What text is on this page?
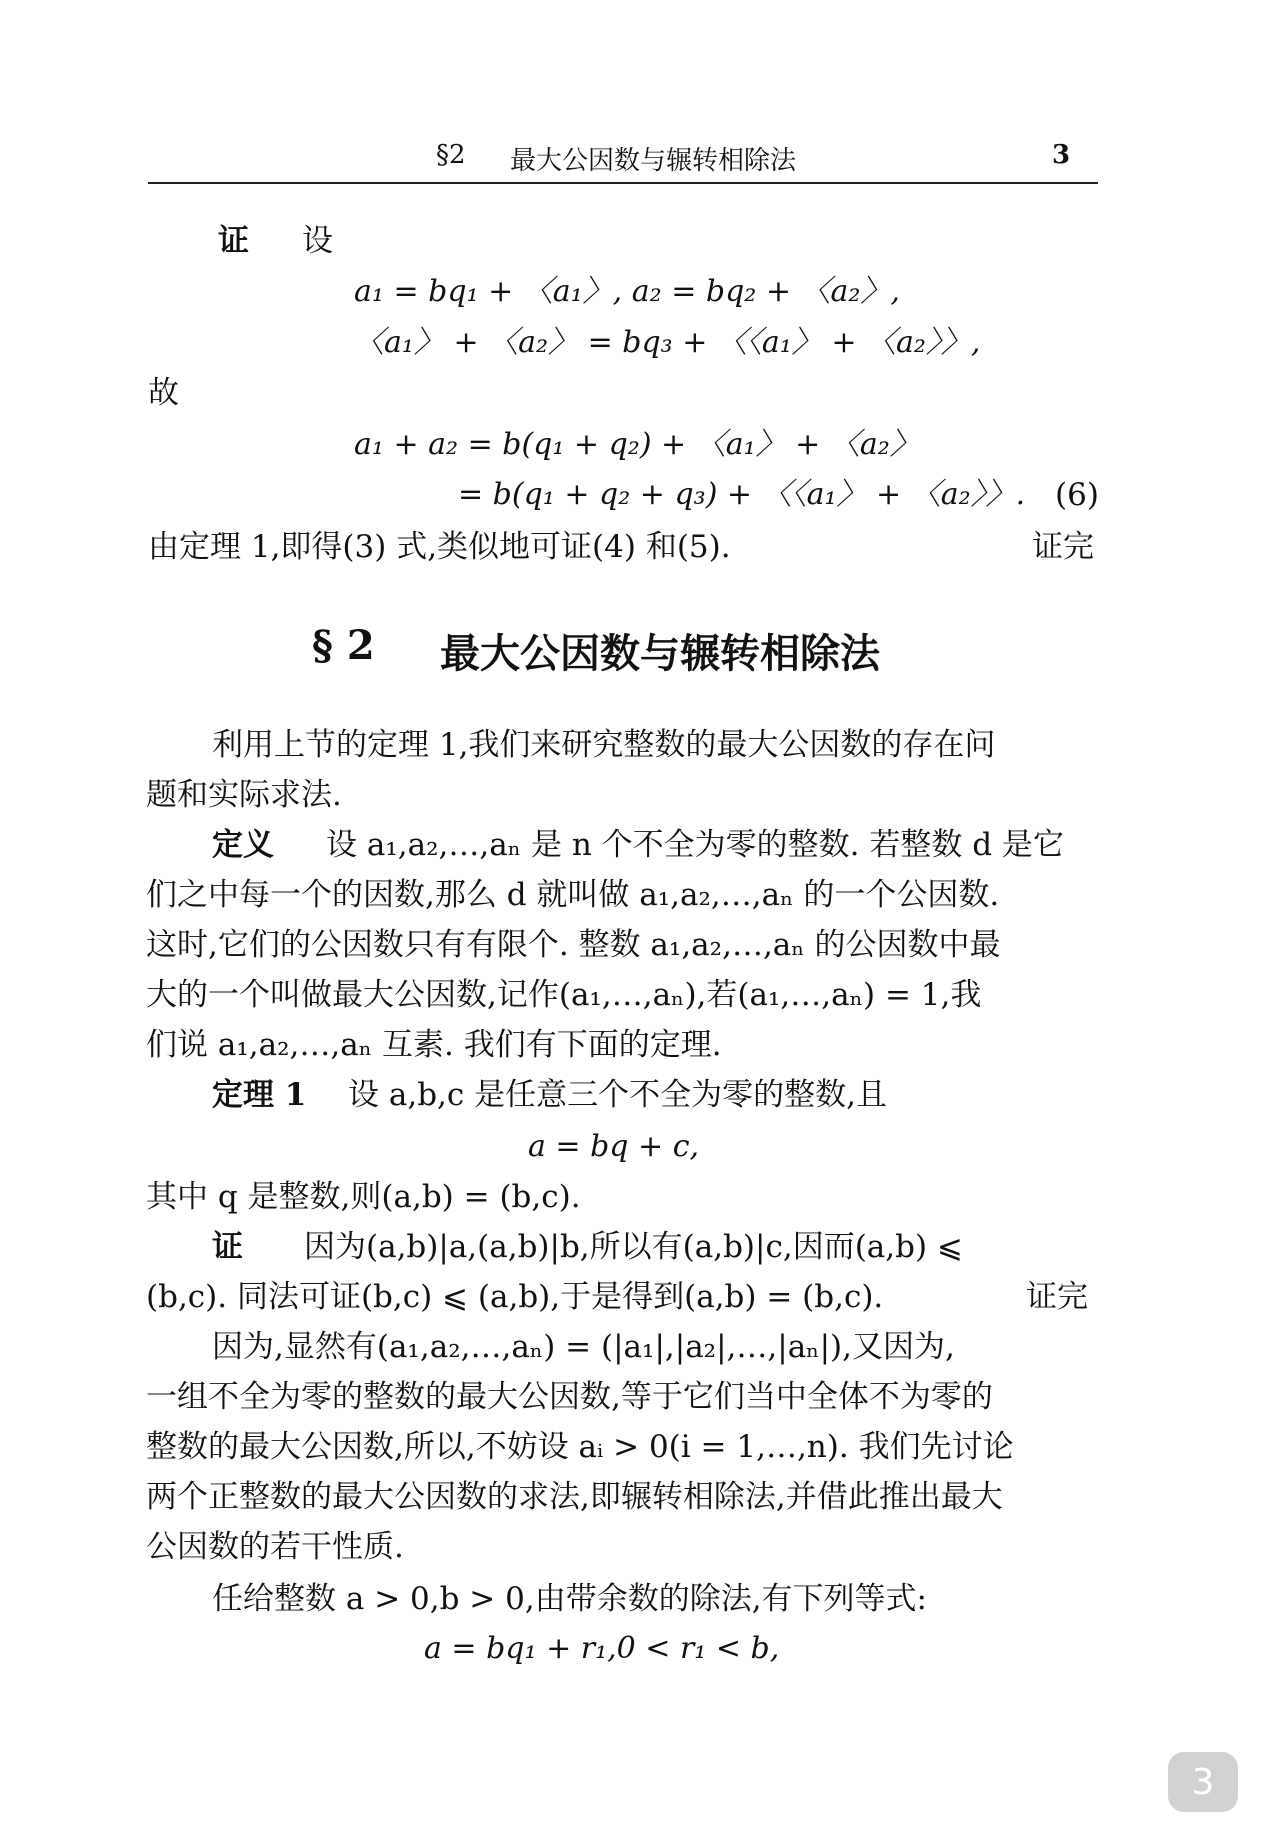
§2 最大公因数与辗转相除法	3
证 设
a₁ = bq₁ + 〈a₁〉, a₂ = bq₂ + 〈a₂〉,
〈a₁〉 + 〈a₂〉 = bq₃ + 〈〈a₁〉 + 〈a₂〉〉,
故
a₁ + a₂ = b(q₁ + q₂) + 〈a₁〉 + 〈a₂〉
= b(q₁ + q₂ + q₃) + 〈〈a₁〉 + 〈a₂〉〉. (6)
由定理 1,即得(3) 式,类似地可证(4) 和(5).	证完
§ 2 最大公因数与辗转相除法
利用上节的定理 1,我们来研究整数的最大公因数的存在问
题和实际求法.
定义 设 a₁,a₂,…,aₙ 是 n 个不全为零的整数. 若整数 d 是它
们之中每一个的因数,那么 d 就叫做 a₁,a₂,…,aₙ 的一个公因数.
这时,它们的公因数只有有限个. 整数 a₁,a₂,…,aₙ 的公因数中最
大的一个叫做最大公因数,记作(a₁,…,aₙ),若(a₁,…,aₙ) = 1,我
们说 a₁,a₂,…,aₙ 互素. 我们有下面的定理.
定理 1 设 a,b,c 是任意三个不全为零的整数,且
a = bq + c,
其中 q 是整数,则(a,b) = (b,c).
证 因为(a,b)|a,(a,b)|b,所以有(a,b)|c,因而(a,b) ⩽
(b,c). 同法可证(b,c) ⩽ (a,b),于是得到(a,b) = (b,c).	证完
因为,显然有(a₁,a₂,…,aₙ) = (|a₁|,|a₂|,…,|aₙ|),又因为,
一组不全为零的整数的最大公因数,等于它们当中全体不为零的
整数的最大公因数,所以,不妨设 aᵢ > 0(i = 1,…,n). 我们先讨论
两个正整数的最大公因数的求法,即辗转相除法,并借此推出最大
公因数的若干性质.
任给整数 a > 0,b > 0,由带余数的除法,有下列等式:
a = bq₁ + r₁,0 < r₁ < b,
3
